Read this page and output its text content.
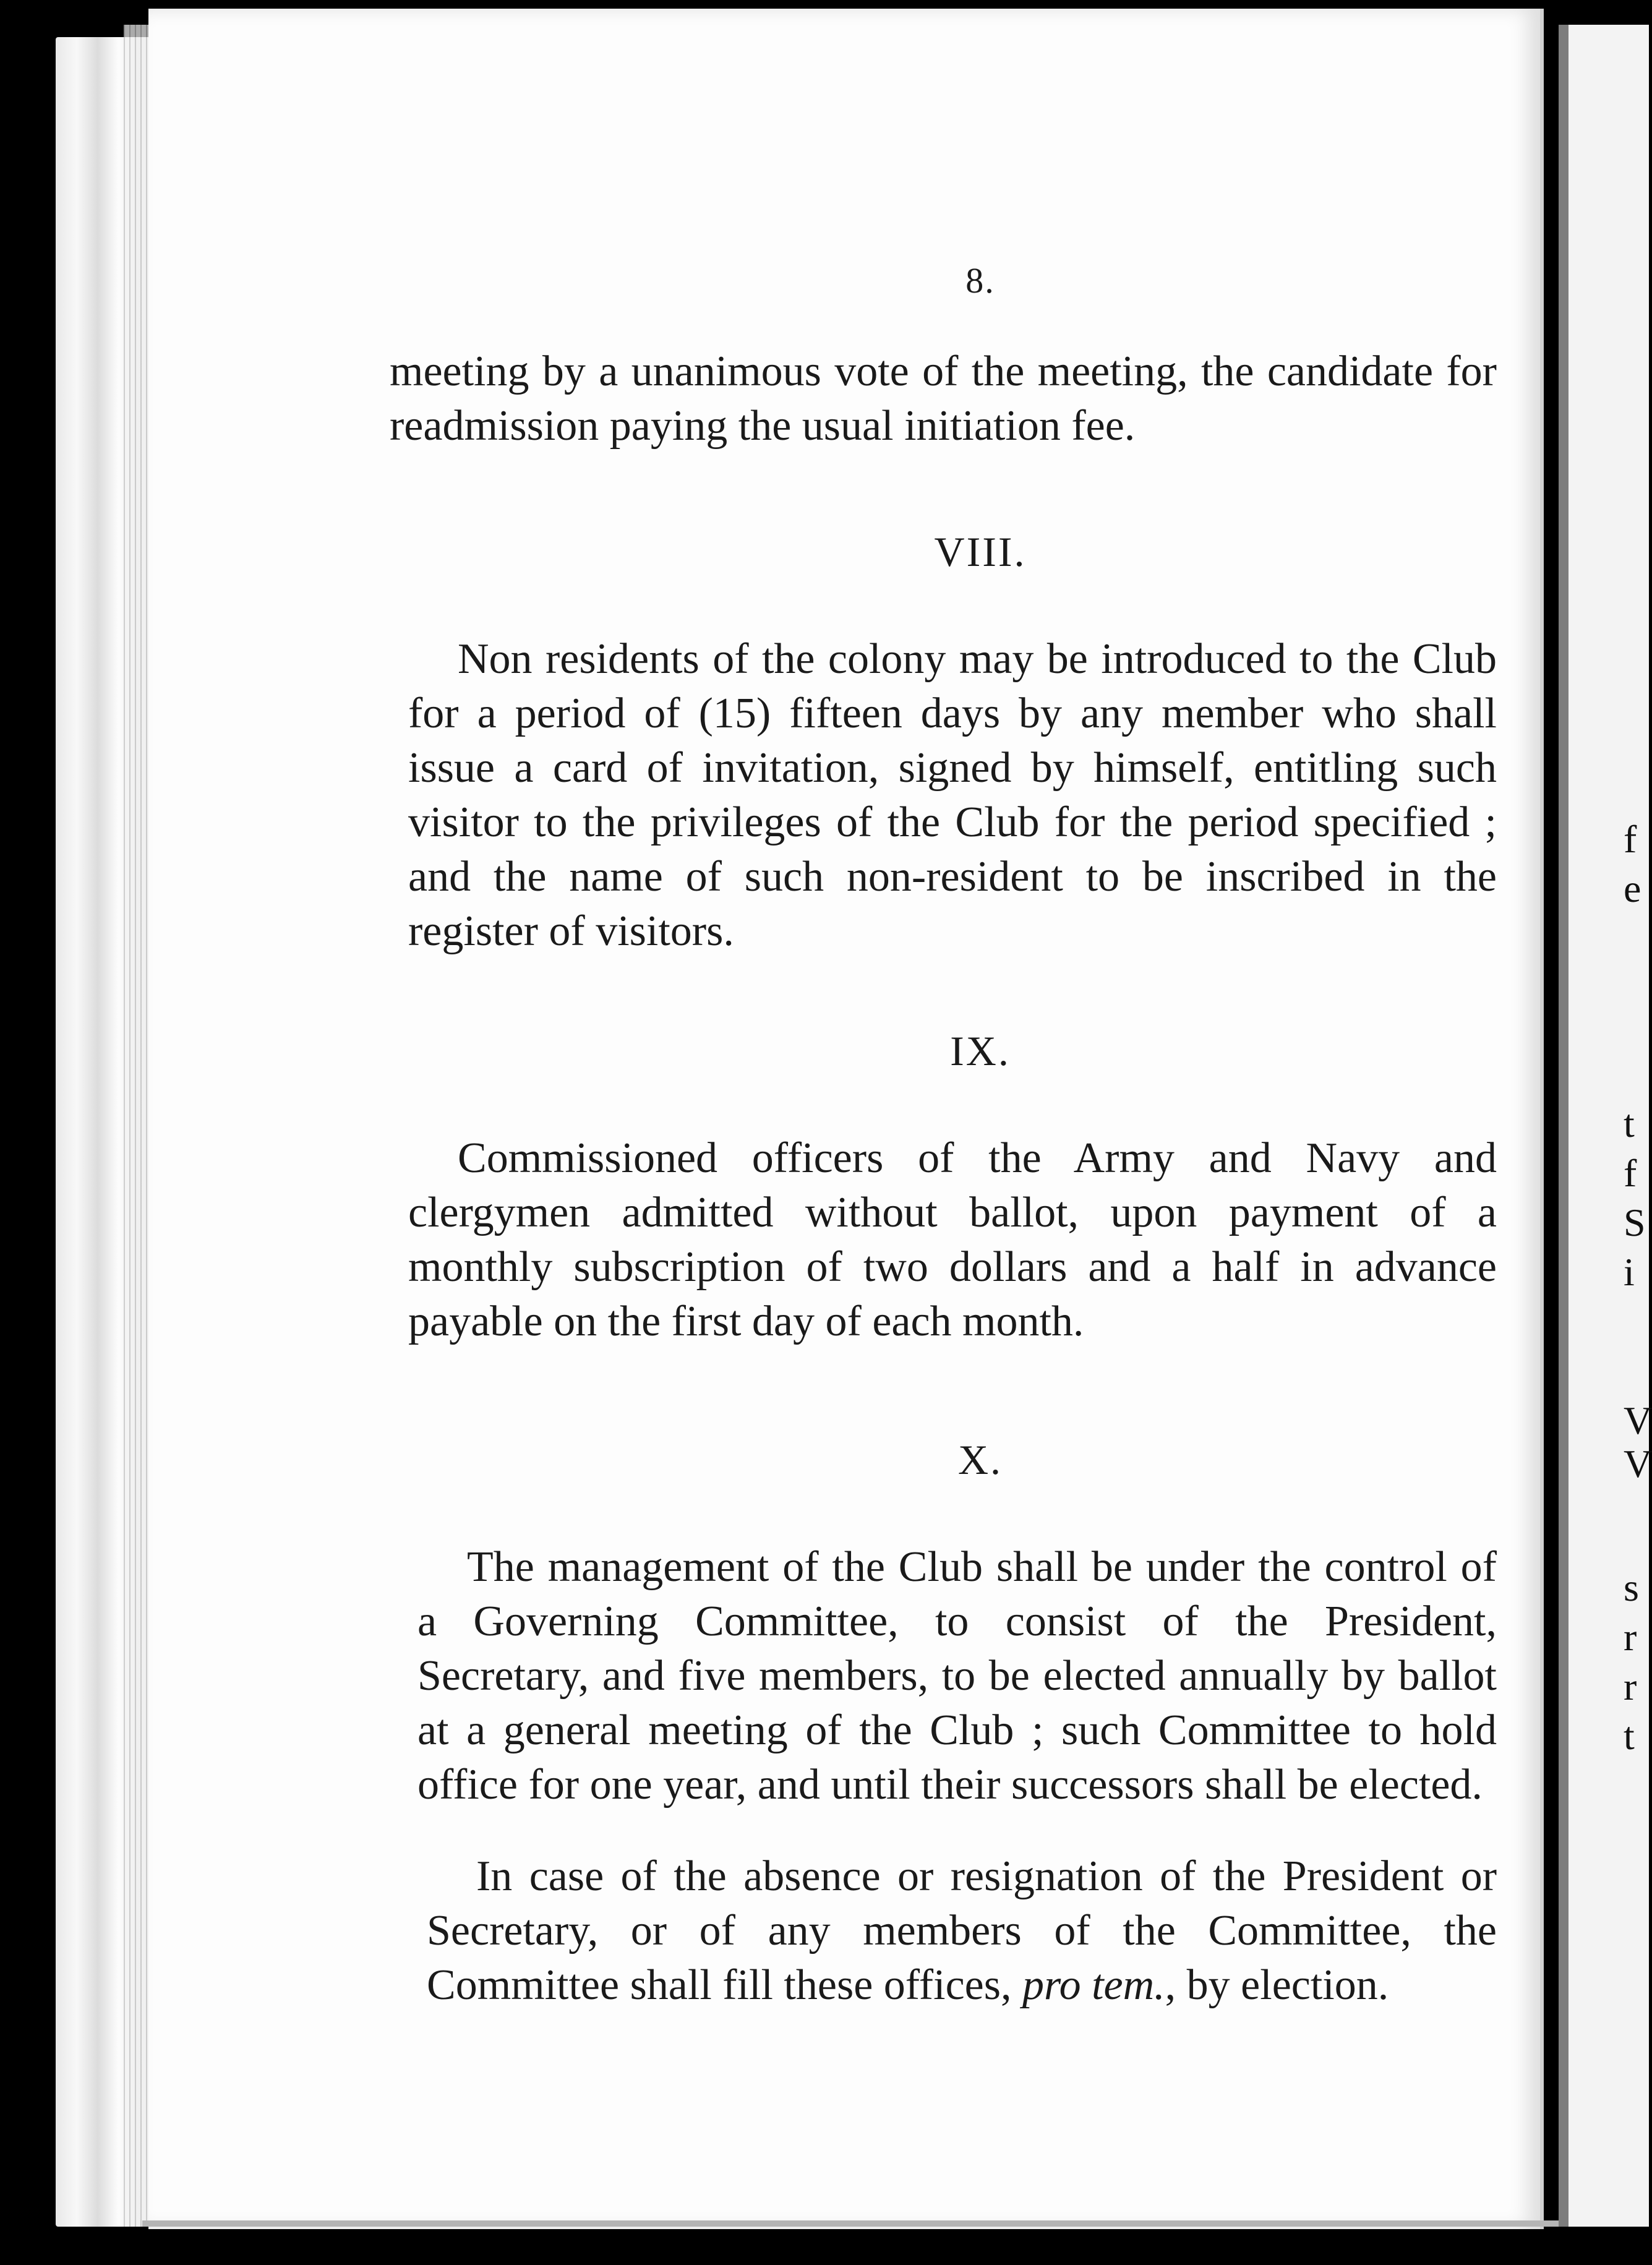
f
e
t
f
S
i
V
V
s
r
r
t
8.

meeting by a unanimous vote of the meeting, the candidate for readmission paying the usual initiation fee.

VIII.

Non residents of the colony may be introduced to the Club for a period of (15) fifteen days by any member who shall issue a card of invitation, signed by himself, entitling such visitor to the privileges of the Club for the period specified ; and the name of such non-resident to be inscribed in the register of visitors.

IX.

Commissioned officers of the Army and Navy and clergymen admitted without ballot, upon payment of a monthly subscription of two dollars and a half in advance payable on the first day of each month.

X.

The management of the Club shall be under the control of a Governing Committee, to consist of the President, Secretary, and five members, to be elected annually by ballot at a general meeting of the Club ; such Committee to hold office for one year, and until their successors shall be elected.

In case of the absence or resignation of the President or Secretary, or of any members of the Committee, the Committee shall fill these offices, pro tem., by election.
